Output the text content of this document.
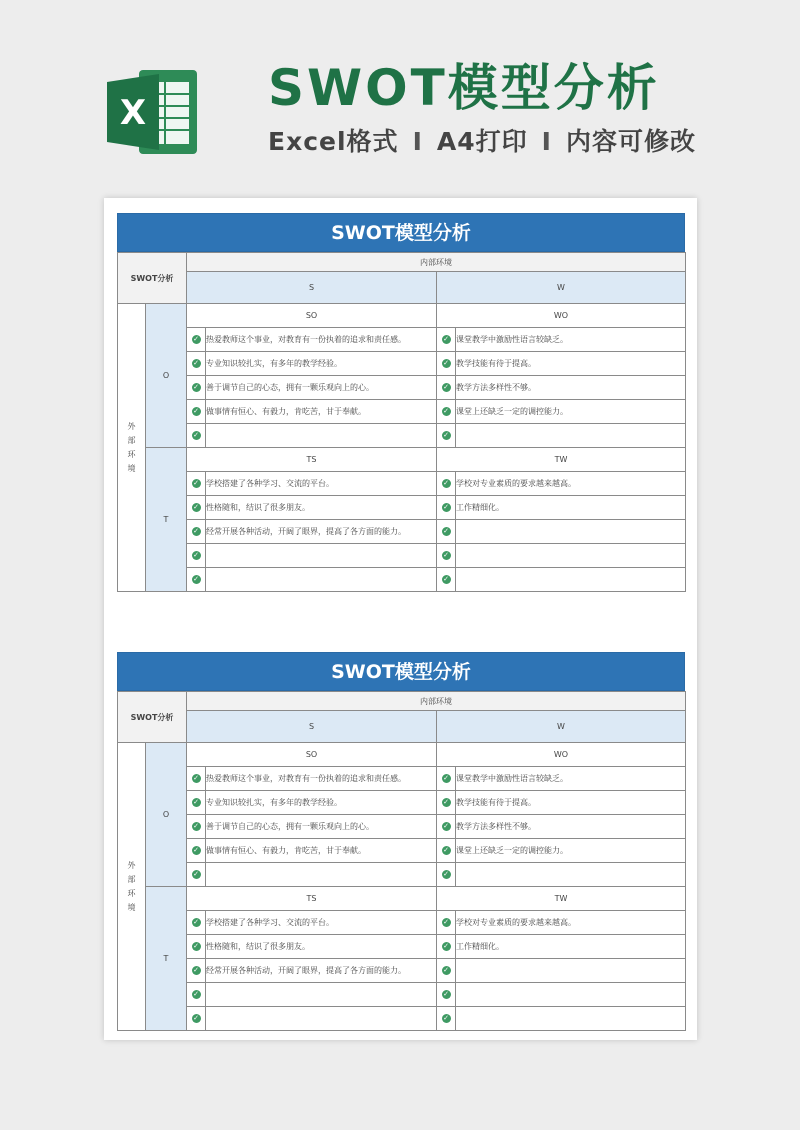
X SWOT模型分析
Excel格式 I A4打印 I 内容可修改
SWOT模型分析
SWOT分析		内部环境			
		S		W	

外
部
环
境	O	SO		WO	
		✓	热爱教师这个事业，对教育有一份执着的追求和责任感。	✓	课堂教学中激励性语言较缺乏。
		✓	专业知识较扎实，有多年的教学经验。	✓	教学技能有待于提高。
		✓	善于调节自己的心态，拥有一颗乐观向上的心。	✓	教学方法多样性不够。
		✓	做事情有恒心、有毅力，肯吃苦，甘于奉献。	✓	课堂上还缺乏一定的调控能力。
		✓		✓	
	T	TS		TW	
		✓	学校搭建了各种学习、交流的平台。	✓	学校对专业素质的要求越来越高。
		✓	性格随和，结识了很多朋友。	✓	工作精细化。
		✓	经常开展各种活动，开阔了眼界，提高了各方面的能力。	✓	
		✓		✓	
		✓		✓	
SWOT模型分析
SWOT分析		内部环境			
		S		W	

外
部
环
境	O	SO		WO	
		✓	热爱教师这个事业，对教育有一份执着的追求和责任感。	✓	课堂教学中激励性语言较缺乏。
		✓	专业知识较扎实，有多年的教学经验。	✓	教学技能有待于提高。
		✓	善于调节自己的心态，拥有一颗乐观向上的心。	✓	教学方法多样性不够。
		✓	做事情有恒心、有毅力，肯吃苦，甘于奉献。	✓	课堂上还缺乏一定的调控能力。
		✓		✓	
	T	TS		TW	
		✓	学校搭建了各种学习、交流的平台。	✓	学校对专业素质的要求越来越高。
		✓	性格随和，结识了很多朋友。	✓	工作精细化。
		✓	经常开展各种活动，开阔了眼界，提高了各方面的能力。	✓	
		✓		✓	
		✓		✓	
